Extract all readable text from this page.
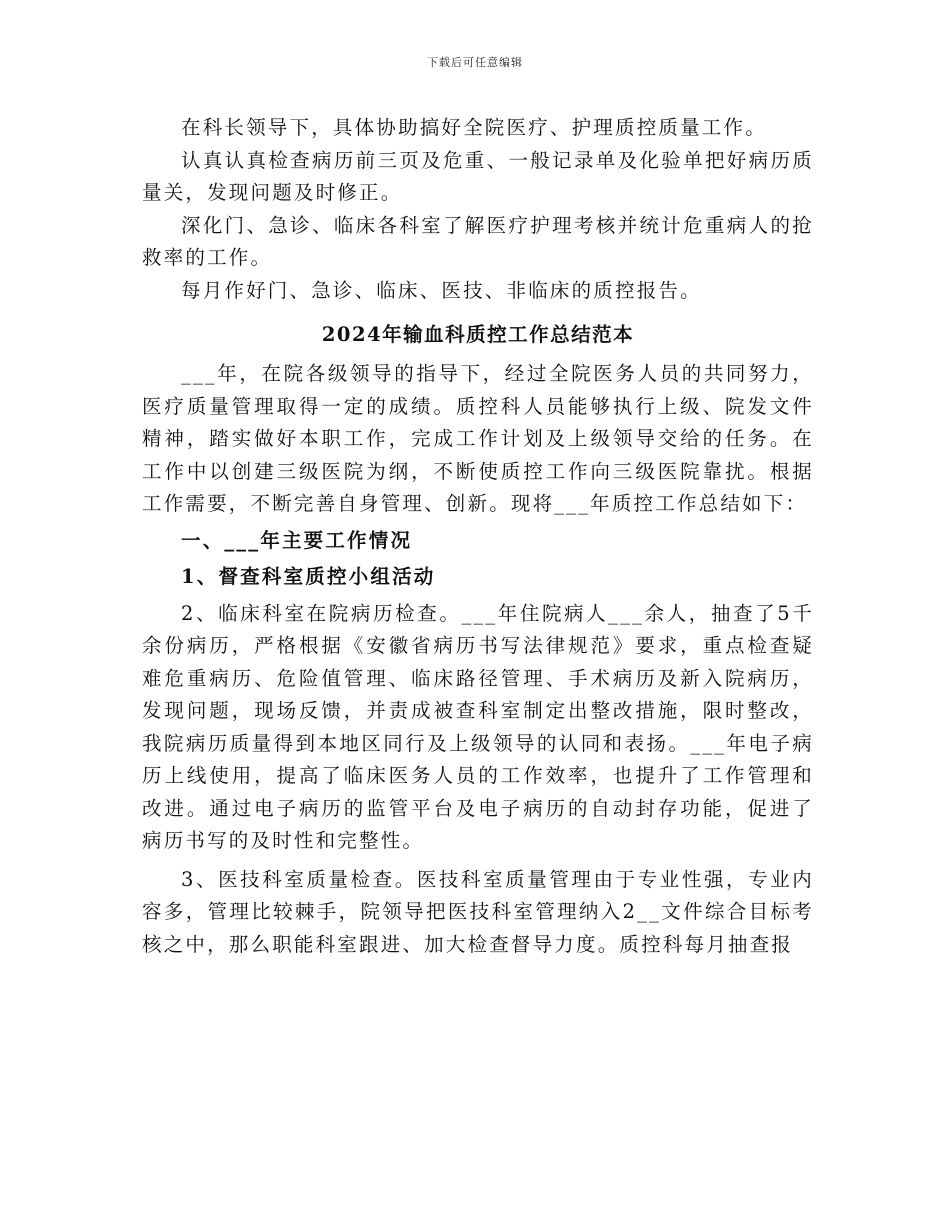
下载后可任意编辑

在科长领导下，具体协助搞好全院医疗、护理质控质量工作。

认真认真检查病历前三页及危重、一般记录单及化验单把好病历质量关，发现问题及时修正。

深化门、急诊、临床各科室了解医疗护理考核并统计危重病人的抢救率的工作。

每月作好门、急诊、临床、医技、非临床的质控报告。

2024年输血科质控工作总结范本

___年，在院各级领导的指导下，经过全院医务人员的共同努力，医疗质量管理取得一定的成绩。质控科人员能够执行上级、院发文件精神，踏实做好本职工作，完成工作计划及上级领导交给的任务。在工作中以创建三级医院为纲，不断使质控工作向三级医院靠扰。根据工作需要，不断完善自身管理、创新。现将___年质控工作总结如下：

一、___年主要工作情况
1、督查科室质控小组活动

2、临床科室在院病历检查。___年住院病人___余人，抽查了5千余份病历，严格根据《安徽省病历书写法律规范》要求，重点检查疑难危重病历、危险值管理、临床路径管理、手术病历及新入院病历，发现问题，现场反馈，并责成被查科室制定出整改措施，限时整改，我院病历质量得到本地区同行及上级领导的认同和表扬。___年电子病历上线使用，提高了临床医务人员的工作效率，也提升了工作管理和改进。通过电子病历的监管平台及电子病历的自动封存功能，促进了病历书写的及时性和完整性。

3、医技科室质量检查。医技科室质量管理由于专业性强，专业内容多，管理比较棘手，院领导把医技科室管理纳入2__文件综合目标考核之中，那么职能科室跟进、加大检查督导力度。质控科每月抽查报
